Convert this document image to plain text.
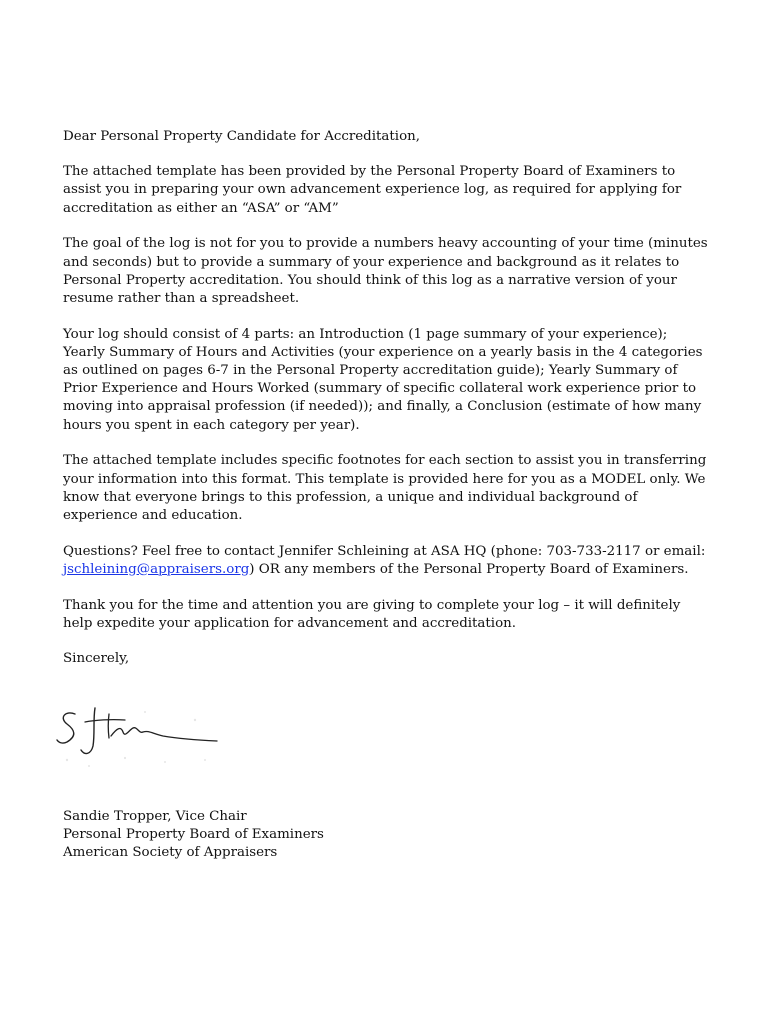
Dear Personal Property Candidate for Accreditation,

The attached template has been provided by the Personal Property Board of Examiners to assist you in preparing your own advancement experience log, as required for applying for accreditation as either an “ASA” or “AM”

The goal of the log is not for you to provide a numbers heavy accounting of your time (minutes and seconds) but to provide a summary of your experience and background as it relates to Personal Property accreditation. You should think of this log as a narrative version of your resume rather than a spreadsheet.

Your log should consist of 4 parts: an Introduction (1 page summary of your experience); Yearly Summary of Hours and Activities (your experience on a yearly basis in the 4 categories as outlined on pages 6-7 in the Personal Property accreditation guide); Yearly Summary of Prior Experience and Hours Worked (summary of specific collateral work experience prior to moving into appraisal profession (if needed)); and finally, a Conclusion (estimate of how many hours you spent in each category per year).

The attached template includes specific footnotes for each section to assist you in transferring your information into this format. This template is provided here for you as a MODEL only. We know that everyone brings to this profession, a unique and individual background of experience and education.

Questions? Feel free to contact Jennifer Schleining at ASA HQ (phone: 703-733-2117 or email: jschleining@appraisers.org) OR any members of the Personal Property Board of Examiners.

Thank you for the time and attention you are giving to complete your log – it will definitely help expedite your application for advancement and accreditation.

Sincerely,

Sandie Tropper, Vice Chair
Personal Property Board of Examiners
American Society of Appraisers
